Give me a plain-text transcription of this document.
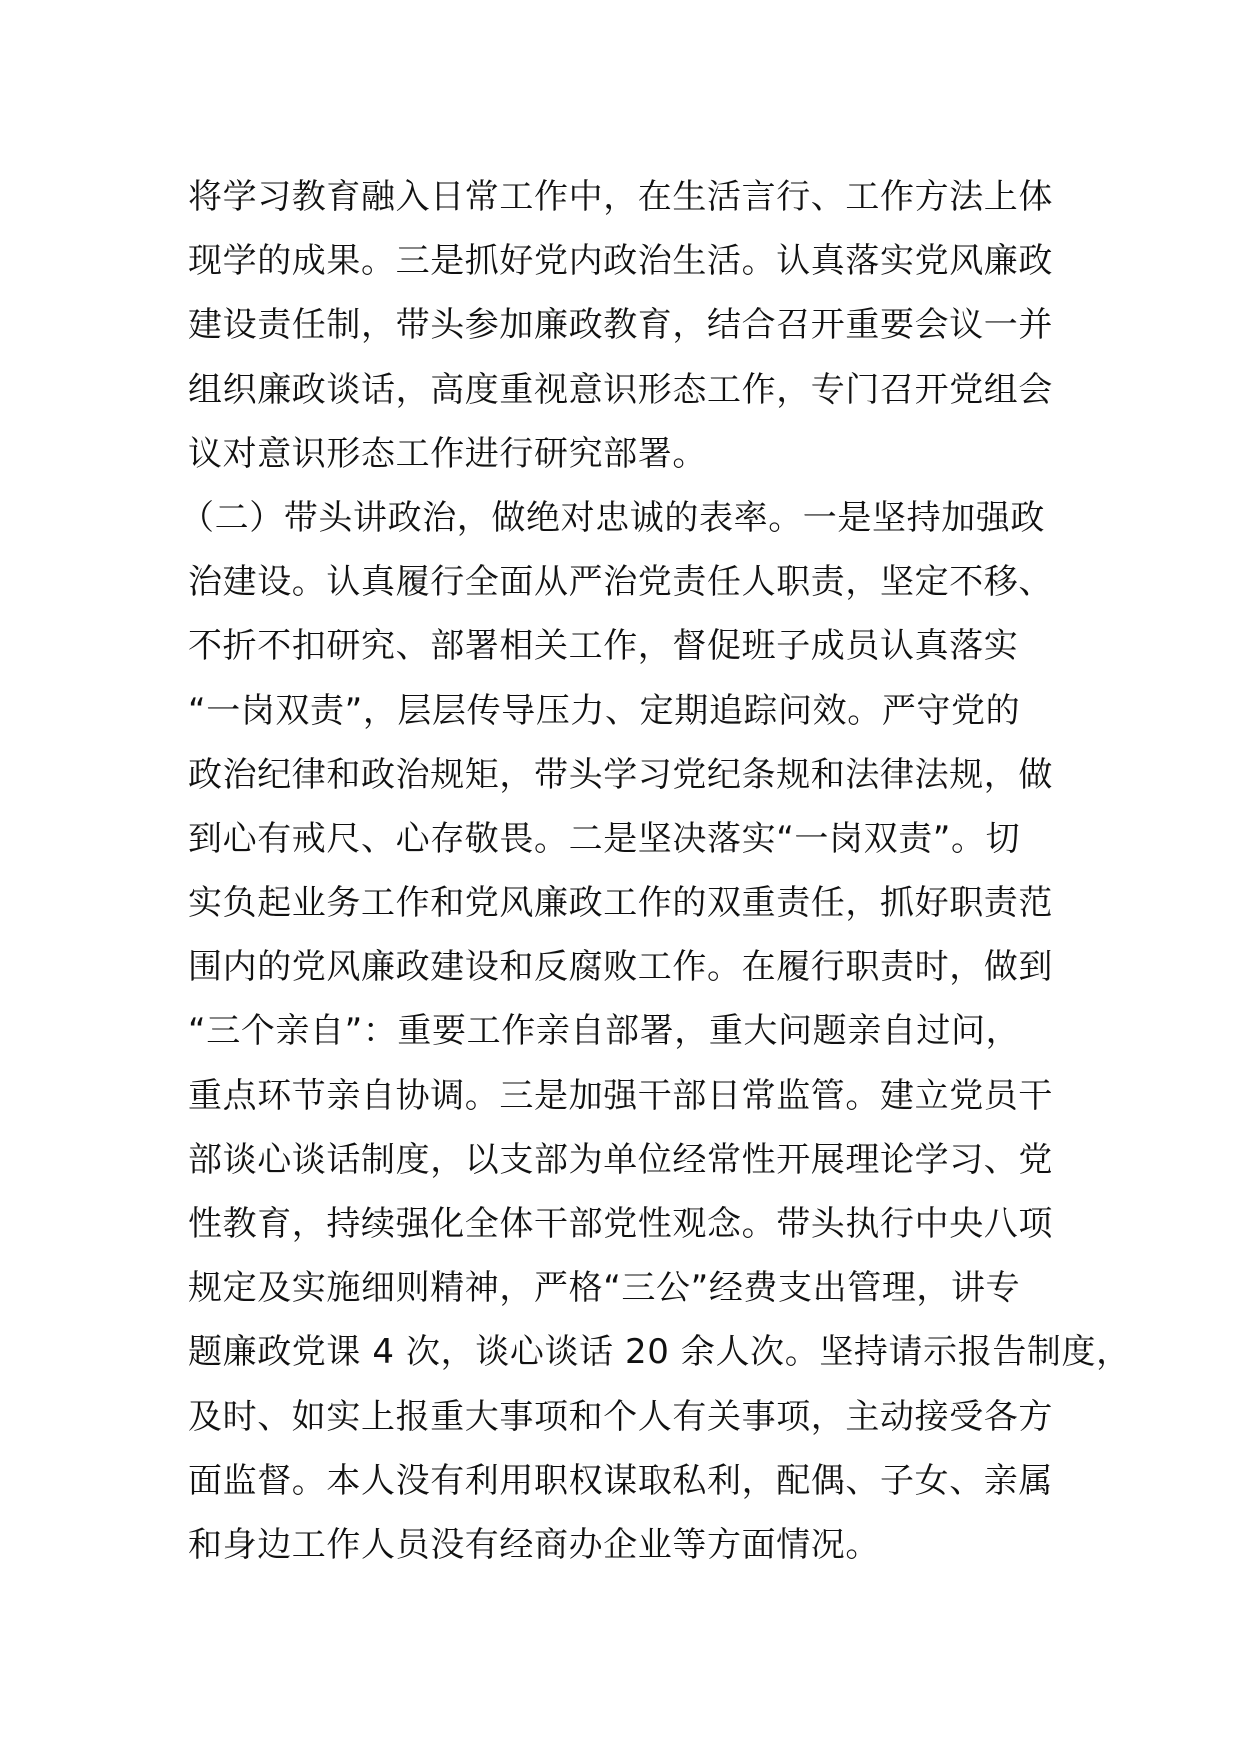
将学习教育融入日常工作中，在生活言行、工作方法上体
现学的成果。三是抓好党内政治生活。认真落实党风廉政
建设责任制，带头参加廉政教育，结合召开重要会议一并
组织廉政谈话，高度重视意识形态工作，专门召开党组会
议对意识形态工作进行研究部署。
（二）带头讲政治，做绝对忠诚的表率。一是坚持加强政
治建设。认真履行全面从严治党责任人职责，坚定不移、
不折不扣研究、部署相关工作，督促班子成员认真落实
“一岗双责”，层层传导压力、定期追踪问效。严守党的
政治纪律和政治规矩，带头学习党纪条规和法律法规，做
到心有戒尺、心存敬畏。二是坚决落实“一岗双责”。切
实负起业务工作和党风廉政工作的双重责任，抓好职责范
围内的党风廉政建设和反腐败工作。在履行职责时，做到
“三个亲自”：重要工作亲自部署，重大问题亲自过问，
重点环节亲自协调。三是加强干部日常监管。建立党员干
部谈心谈话制度，以支部为单位经常性开展理论学习、党
性教育，持续强化全体干部党性观念。带头执行中央八项
规定及实施细则精神，严格“三公”经费支出管理，讲专
题廉政党课 4 次，谈心谈话 20 余人次。坚持请示报告制度，
及时、如实上报重大事项和个人有关事项，主动接受各方
面监督。本人没有利用职权谋取私利，配偶、子女、亲属
和身边工作人员没有经商办企业等方面情况。
